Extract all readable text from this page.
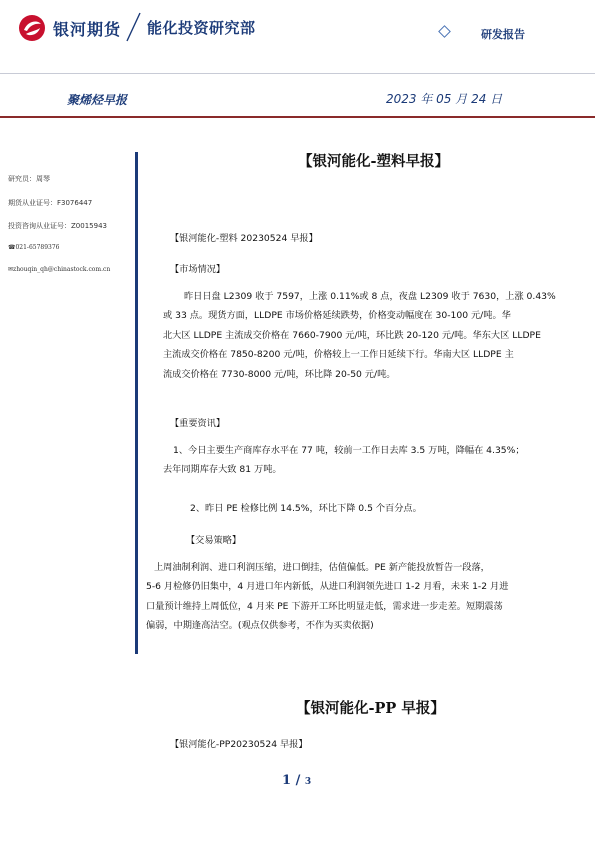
银河期货 能化投资研究部	研发报告
聚烯烃早报	2023 年 05 月 24 日
研究员：周琴
期货从业证号：F3076447
投资咨询从业证号：Z0015943
☎021-65789376
✉zhouqin_qh@chinastock.com.cn
【银河能化-塑料早报】
【银河能化-塑料 20230524 早报】
【市场情况】

昨日日盘 L2309 收于 7597，上涨 0.11%或 8 点，夜盘 L2309 收于 7630，上涨 0.43%

或 33 点。现货方面，LLDPE 市场价格延续跌势，价格变动幅度在 30-100 元/吨。华

北大区 LLDPE 主流成交价格在 7660-7900 元/吨，环比跌 20-120 元/吨。华东大区 LLDPE

主流成交价格在 7850-8200 元/吨，价格较上一工作日延续下行。华南大区 LLDPE 主

流成交价格在 7730-8000 元/吨，环比降 20-50 元/吨。

【重要资讯】

1、今日主要生产商库存水平在 77 吨，较前一工作日去库 3.5 万吨，降幅在 4.35%；

去年同期库存大致 81 万吨。

2、昨日 PE 检修比例 14.5%，环比下降 0.5 个百分点。
【交易策略】

上周油制利润、进口利润压缩，进口倒挂，估值偏低。PE 新产能投放暂告一段落，

5-6 月检修仍旧集中，4 月进口年内新低，从进口利润领先进口 1-2 月看，未来 1-2 月进

口量预计维持上周低位，4 月来 PE 下游开工环比明显走低，需求进一步走差。短期震荡

偏弱，中期逢高沽空。(观点仅供参考，不作为买卖依据)

【银河能化-PP 早报】
【银河能化-PP20230524 早报】
1 / 3
